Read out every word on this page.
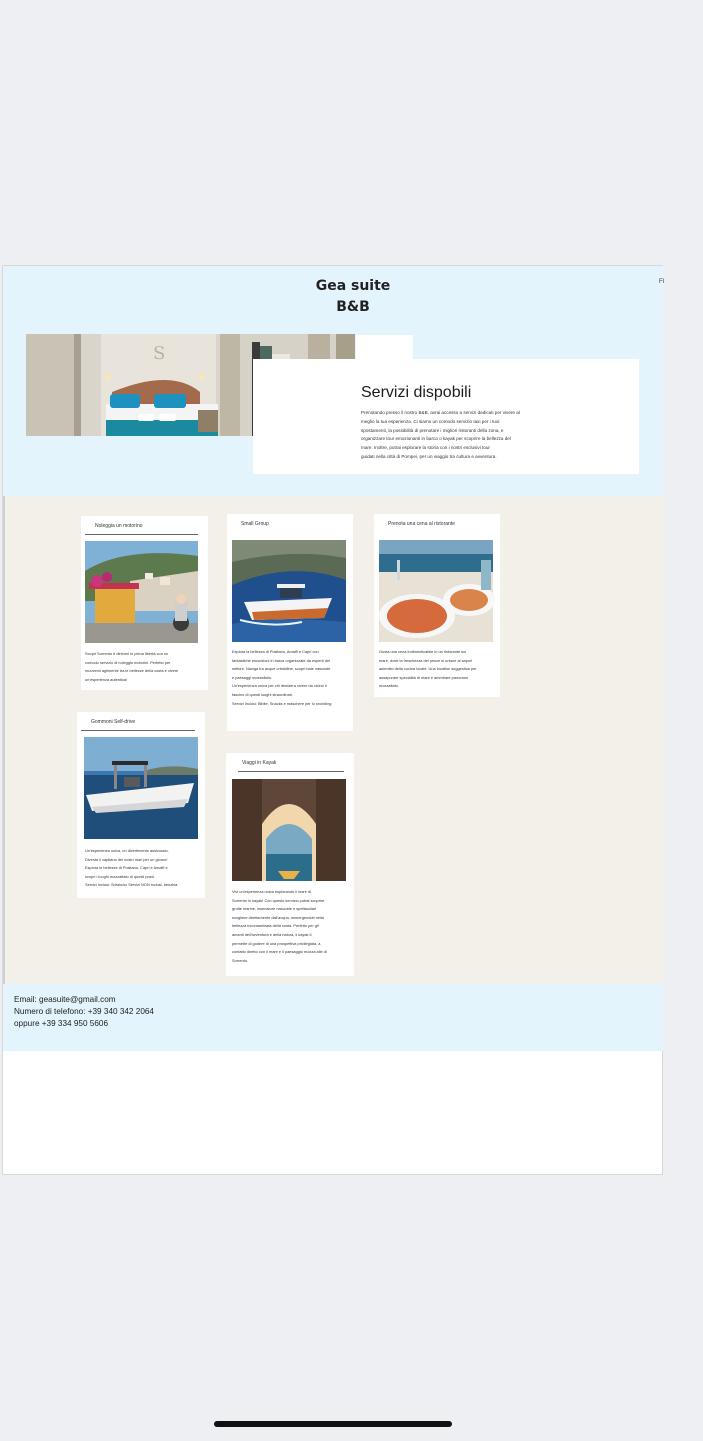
Gea suite
B&B
Fl
S
Servizi dispobili
Prenotando presso il nostro B&B, avrai accesso a servizi dedicati per vivere al
meglio la tua esperienza. Ci siamo un comodo servizio taxi per i tuoi
spostamenti, la possibilità di prenotare i migliori ristoranti della zona, e
organizzare tour emozionanti in barca o kayak per scoprire la bellezza del
mare. Inoltre, potrai esplorare la storia con i nostri esclusivi tour
guidati nella città di Pompei, per un viaggio tra cultura e avventura.
Noleggia un motorino
Scopri Sorrento e dintorni in piena libertà con un
comodo servizio di noleggio motorini. Perfetto per
muoversi agilmente tra le bellezze della costa e vivere
un'esperienza autentica!
Small Group
Esplora la bellezza di Positano, Amalfi e Capri con
fantastiche escursioni in barca organizzate da esperti del
settore. Naviga tra acque cristalline, scopri baie nascoste
e paesaggi mozzafiato.
Un'esperienza unica per chi desidera vivere da vicino il
fascino di questi luoghi straordinari.
Servizi Inclusi: Bibite, Snacks e maschere per lo snorkling
Prenota una cena al ristorante
Gusta una cena indimenticabile in un ristorante sul
mare, dove la freschezza del pesce si unisce ai sapori
autentici della cucina locale. Una location suggestiva per
assaporare specialità di mare e ammirare panorami
mozzafiato.
Gommoni Self-drive
Un'esperienza unica, un divertimento assicurato.
Diventa il capitano dei nostri mari per un giorno!
Esplora le bellezze di Positano, Capri e Amalfi e
scopri i luoghi mozzafiato di questi posti.
Servizi Inclusi: Sdraio/sx Servizi NON inclusi: benzina
Viaggi in Kayak
Vivi un'esperienza unica esplorando il mare di
Sorrento in kayak! Con questo servizio potrai scoprire
grotte marine, insenature nascoste e spettacolari
scogliere direttamente dall'acqua, immergendoti nella
bellezza incontaminata della costa. Perfetto per gli
amanti dell'avventura e della natura, il kayak ti
permette di godere di una prospettiva privilegiata, a
contatto diretto con il mare e il paesaggio mozza alle di
Sorrento.
Email: geasuite@gmail.com
Numero di telefono: +39 340 342 2064
oppure +39 334 950 5606
